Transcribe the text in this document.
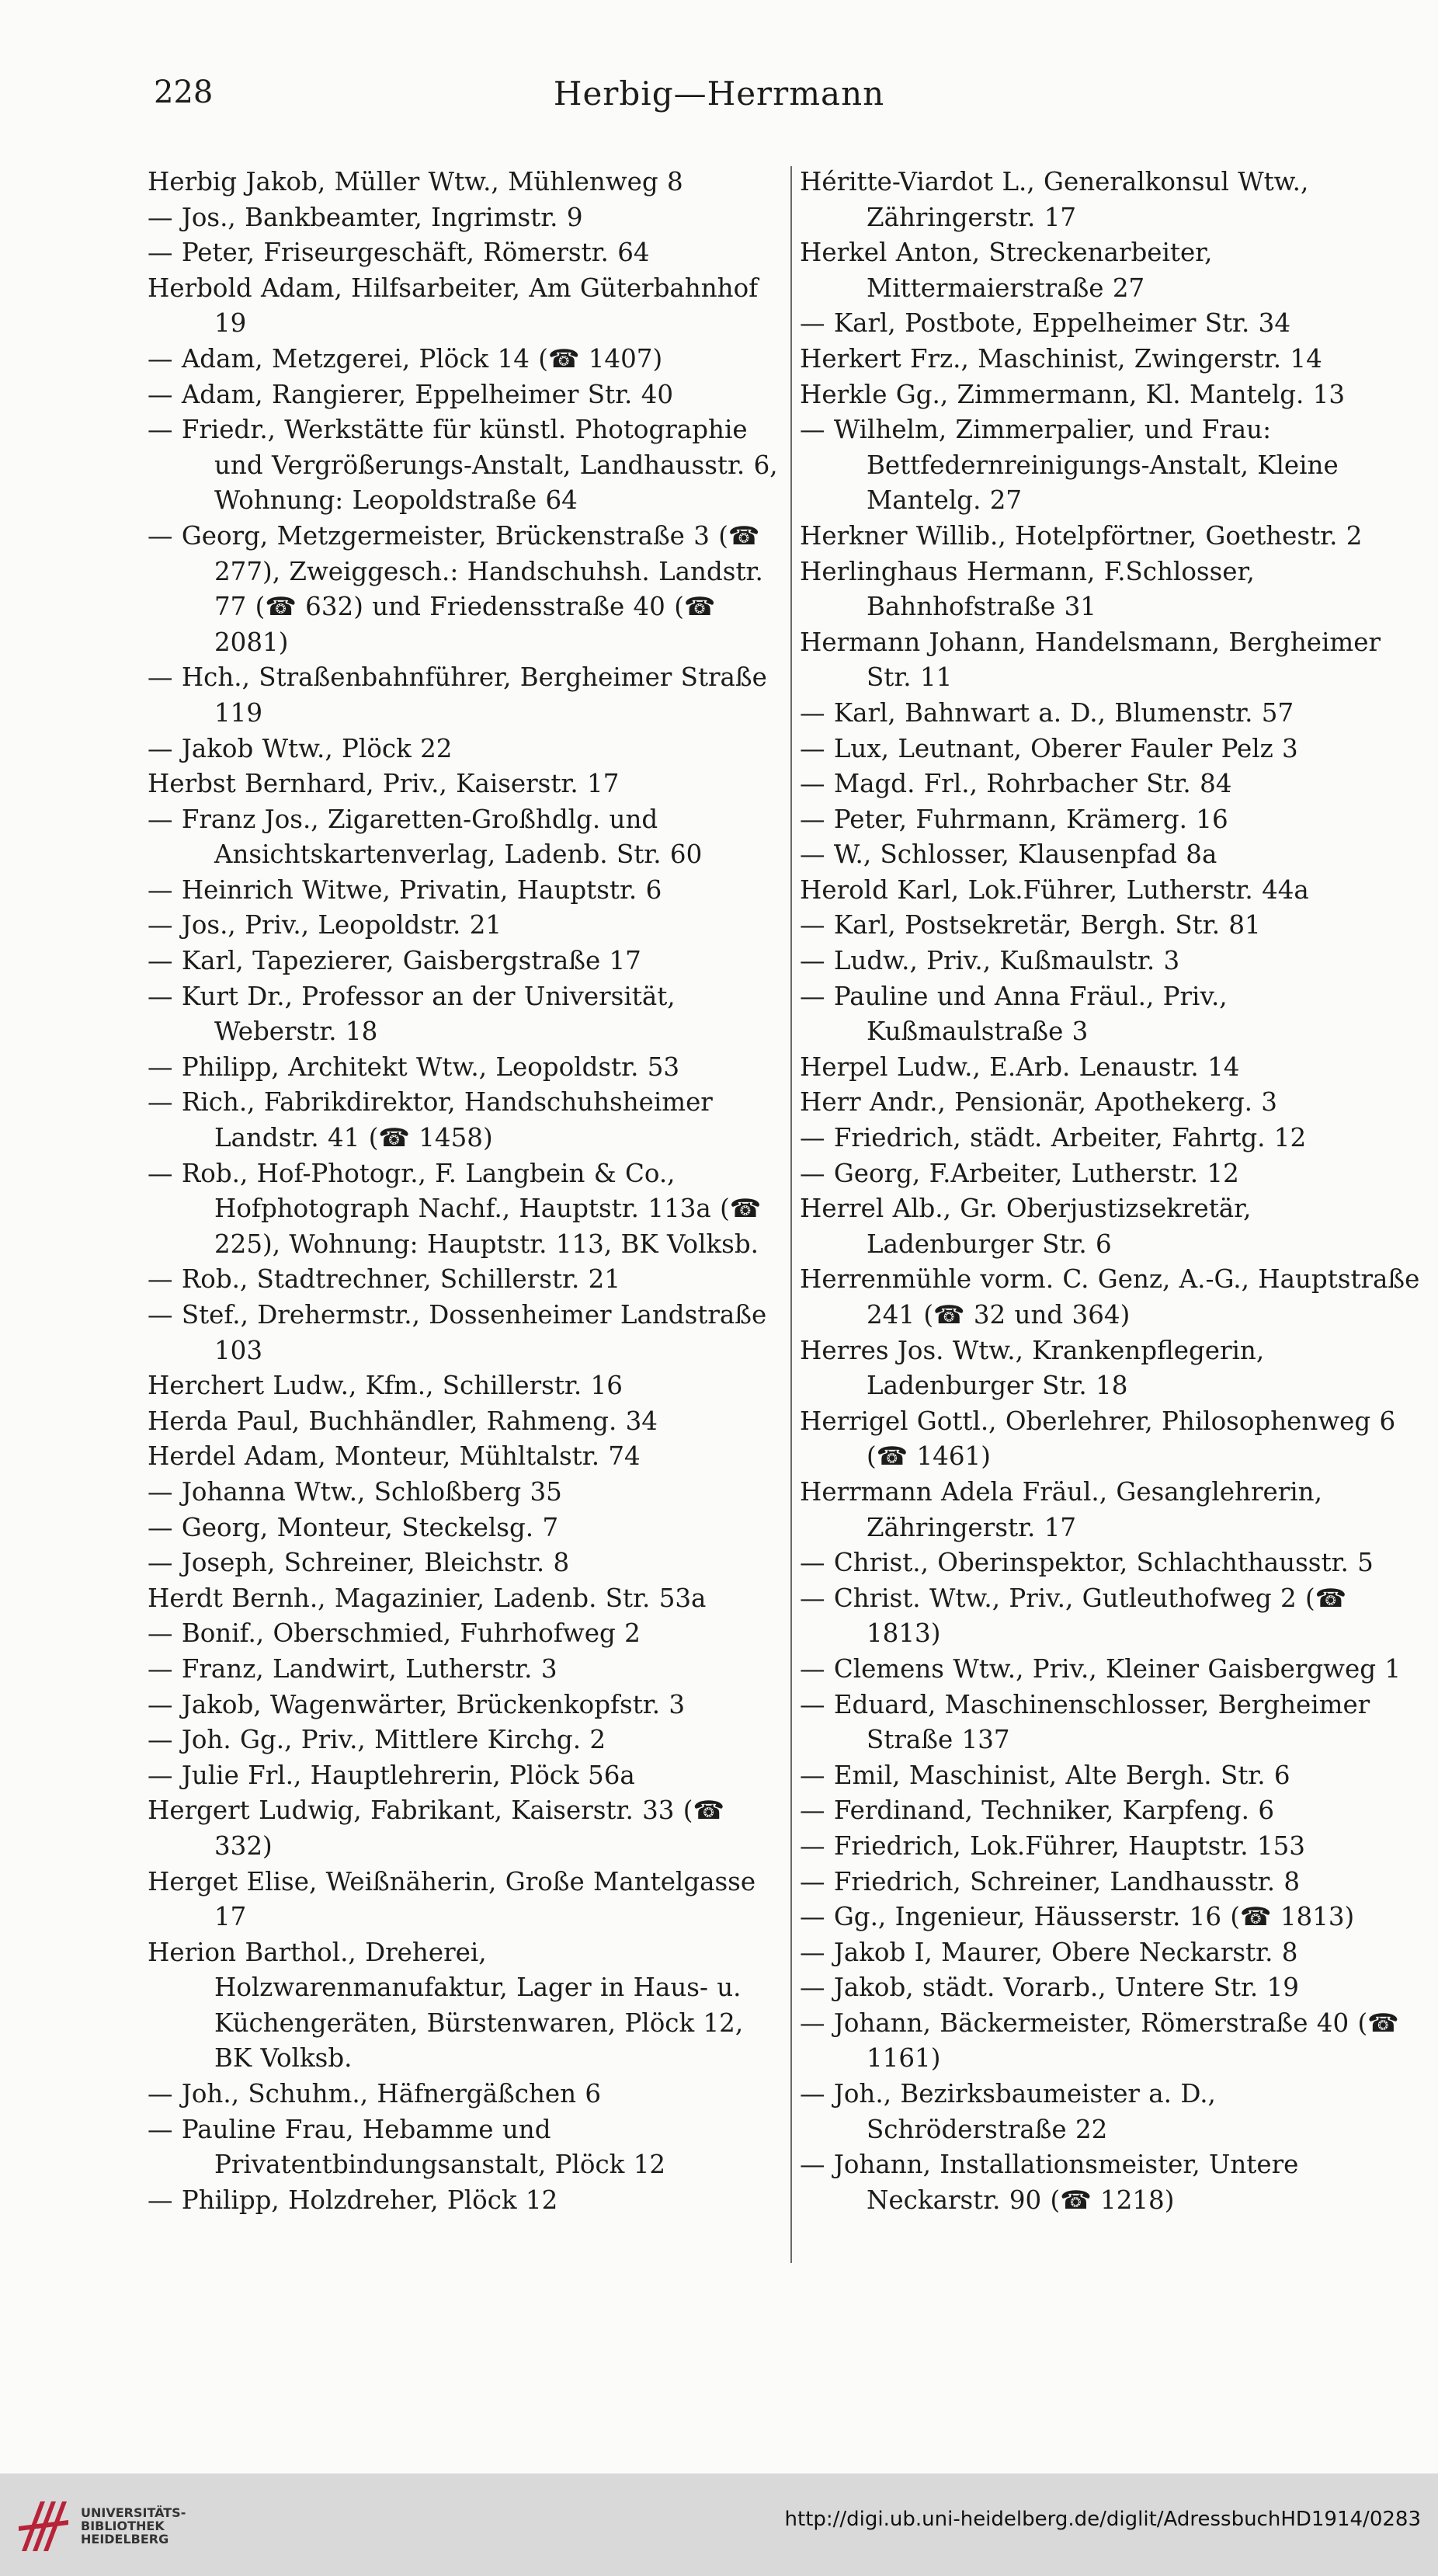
228	Herbig—Herrmann
Herbig Jakob, Müller Wtw., Mühlenweg 8
— Jos., Bankbeamter, Ingrimstr. 9
— Peter, Friseurgeschäft, Römerstr. 64
Herbold Adam, Hilfsarbeiter, Am Güterbahnhof 19
— Adam, Metzgerei, Plöck 14 (☎ 1407)
— Adam, Rangierer, Eppelheimer Str. 40
— Friedr., Werkstätte für künstl. Photographie und Vergrößerungs-Anstalt, Landhausstr. 6, Wohnung: Leopoldstraße 64
— Georg, Metzgermeister, Brückenstraße 3 (☎ 277), Zweiggesch.: Handschuhsh. Landstr. 77 (☎ 632) und Friedensstraße 40 (☎ 2081)
— Hch., Straßenbahnführer, Bergheimer Straße 119
— Jakob Wtw., Plöck 22
Herbst Bernhard, Priv., Kaiserstr. 17
— Franz Jos., Zigaretten-Großhdlg. und Ansichtskartenverlag, Ladenb. Str. 60
— Heinrich Witwe, Privatin, Hauptstr. 6
— Jos., Priv., Leopoldstr. 21
— Karl, Tapezierer, Gaisbergstraße 17
— Kurt Dr., Professor an der Universität, Weberstr. 18
— Philipp, Architekt Wtw., Leopoldstr. 53
— Rich., Fabrikdirektor, Handschuhsheimer Landstr. 41 (☎ 1458)
— Rob., Hof-Photogr., F. Langbein & Co., Hofphotograph Nachf., Hauptstr. 113a (☎ 225), Wohnung: Hauptstr. 113, BK Volksb.
— Rob., Stadtrechner, Schillerstr. 21
— Stef., Drehermstr., Dossenheimer Landstraße 103
Herchert Ludw., Kfm., Schillerstr. 16
Herda Paul, Buchhändler, Rahmeng. 34
Herdel Adam, Monteur, Mühltalstr. 74
— Johanna Wtw., Schloßberg 35
— Georg, Monteur, Steckelsg. 7
— Joseph, Schreiner, Bleichstr. 8
Herdt Bernh., Magazinier, Ladenb. Str. 53a
— Bonif., Oberschmied, Fuhrhofweg 2
— Franz, Landwirt, Lutherstr. 3
— Jakob, Wagenwärter, Brückenkopfstr. 3
— Joh. Gg., Priv., Mittlere Kirchg. 2
— Julie Frl., Hauptlehrerin, Plöck 56a
Hergert Ludwig, Fabrikant, Kaiserstr. 33 (☎ 332)
Herget Elise, Weißnäherin, Große Mantelgasse 17
Herion Barthol., Dreherei, Holzwarenmanufaktur, Lager in Haus- u. Küchengeräten, Bürstenwaren, Plöck 12, BK Volksb.
— Joh., Schuhm., Häfnergäßchen 6
— Pauline Frau, Hebamme und Privatentbindungsanstalt, Plöck 12
— Philipp, Holzdreher, Plöck 12
Héritte-Viardot L., Generalkonsul Wtw., Zähringerstr. 17
Herkel Anton, Streckenarbeiter, Mittermaierstraße 27
— Karl, Postbote, Eppelheimer Str. 34
Herkert Frz., Maschinist, Zwingerstr. 14
Herkle Gg., Zimmermann, Kl. Mantelg. 13
— Wilhelm, Zimmerpalier, und Frau: Bettfedernreinigungs-Anstalt, Kleine Mantelg. 27
Herkner Willib., Hotelpförtner, Goethestr. 2
Herlinghaus Hermann, F.Schlosser, Bahnhofstraße 31
Hermann Johann, Handelsmann, Bergheimer Str. 11
— Karl, Bahnwart a. D., Blumenstr. 57
— Lux, Leutnant, Oberer Fauler Pelz 3
— Magd. Frl., Rohrbacher Str. 84
— Peter, Fuhrmann, Krämerg. 16
— W., Schlosser, Klausenpfad 8a
Herold Karl, Lok.Führer, Lutherstr. 44a
— Karl, Postsekretär, Bergh. Str. 81
— Ludw., Priv., Kußmaulstr. 3
— Pauline und Anna Fräul., Priv., Kußmaulstraße 3
Herpel Ludw., E.Arb. Lenaustr. 14
Herr Andr., Pensionär, Apothekerg. 3
— Friedrich, städt. Arbeiter, Fahrtg. 12
— Georg, F.Arbeiter, Lutherstr. 12
Herrel Alb., Gr. Oberjustizsekretär, Ladenburger Str. 6
Herrenmühle vorm. C. Genz, A.-G., Hauptstraße 241 (☎ 32 und 364)
Herres Jos. Wtw., Krankenpflegerin, Ladenburger Str. 18
Herrigel Gottl., Oberlehrer, Philosophenweg 6 (☎ 1461)
Herrmann Adela Fräul., Gesanglehrerin, Zähringerstr. 17
— Christ., Oberinspektor, Schlachthausstr. 5
— Christ. Wtw., Priv., Gutleuthofweg 2 (☎ 1813)
— Clemens Wtw., Priv., Kleiner Gaisbergweg 1
— Eduard, Maschinenschlosser, Bergheimer Straße 137
— Emil, Maschinist, Alte Bergh. Str. 6
— Ferdinand, Techniker, Karpfeng. 6
— Friedrich, Lok.Führer, Hauptstr. 153
— Friedrich, Schreiner, Landhausstr. 8
— Gg., Ingenieur, Häusserstr. 16 (☎ 1813)
— Jakob I, Maurer, Obere Neckarstr. 8
— Jakob, städt. Vorarb., Untere Str. 19
— Johann, Bäckermeister, Römerstraße 40 (☎ 1161)
— Joh., Bezirksbaumeister a. D., Schröderstraße 22
— Johann, Installationsmeister, Untere Neckarstr. 90 (☎ 1218)
UNIVERSITÄTS-
BIBLIOTHEK
HEIDELBERG
http://digi.ub.uni-heidelberg.de/diglit/AdressbuchHD1914/0283
